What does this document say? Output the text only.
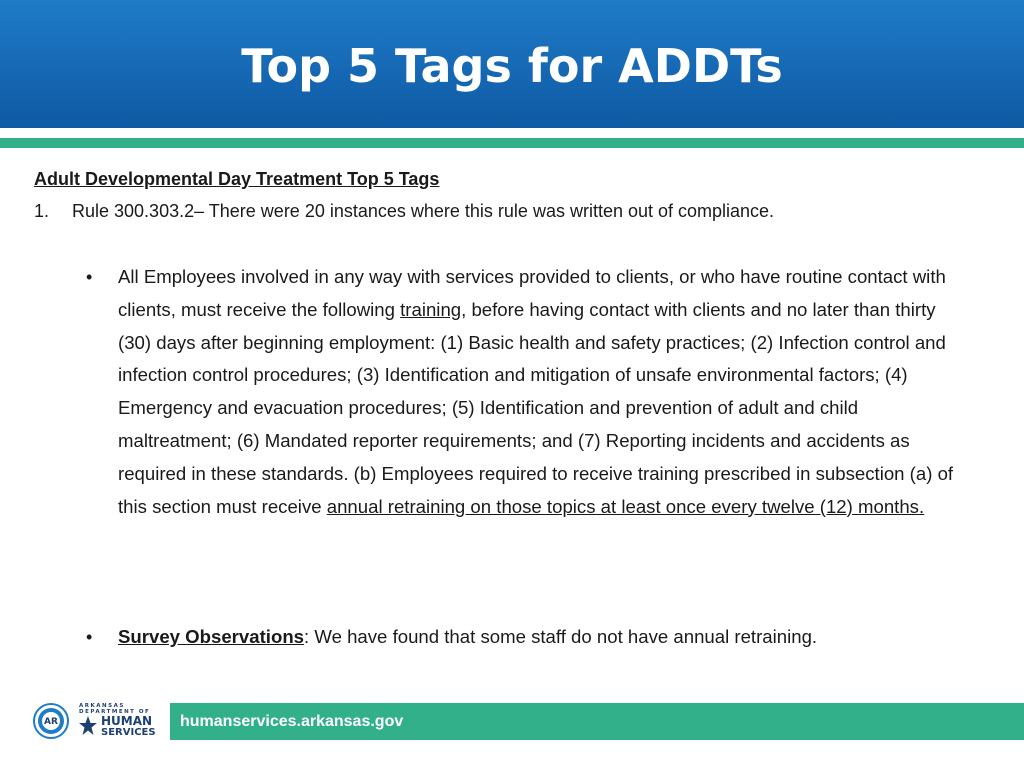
Top 5 Tags for ADDTs

Adult Developmental Day Treatment Top 5 Tags

1. Rule 300.303.2– There were 20 instances where this rule was written out of compliance.
• All Employees involved in any way with services provided to clients, or who have routine contact with clients, must receive the following training, before having contact with clients and no later than thirty (30) days after beginning employment: (1) Basic health and safety practices; (2) Infection control and infection control procedures; (3) Identification and mitigation of unsafe environmental factors; (4) Emergency and evacuation procedures; (5) Identification and prevention of adult and child maltreatment; (6) Mandated reporter requirements; and (7) Reporting incidents and accidents as required in these standards. (b) Employees required to receive training prescribed in subsection (a) of this section must receive annual retraining on those topics at least once every twelve (12) months.
• Survey Observations: We have found that some staff do not have annual retraining.
AR
ARKANSAS
DEPARTMENT OF
HUMAN
SERVICES
humanservices.arkansas.gov
